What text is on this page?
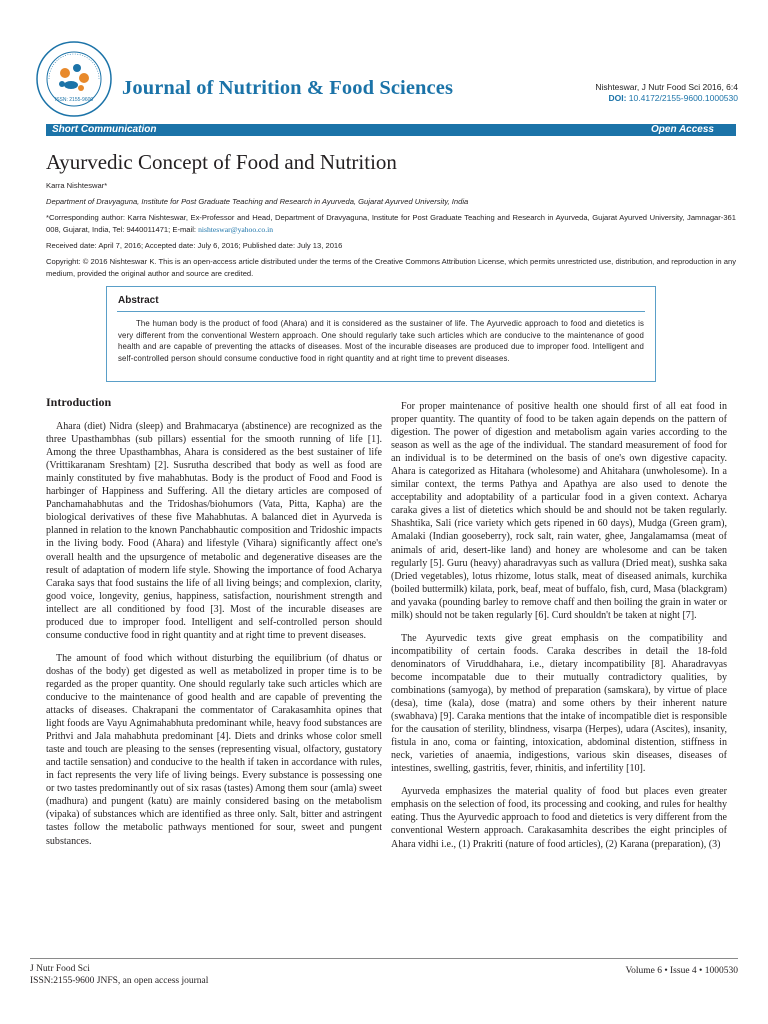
ISSN: 2155-9600
Journal of Nutrition & Food Sciences	Nishteswar, J Nutr Food Sci 2016, 6:4
DOI: 10.4172/2155-9600.1000530
Short Communication	Open Access
Ayurvedic Concept of Food and Nutrition

Karra Nishteswar*

Department of Dravyaguna, Institute for Post Graduate Teaching and Research in Ayurveda, Gujarat Ayurved University, India

*Corresponding author: Karra Nishteswar, Ex-Professor and Head, Department of Dravyaguna, Institute for Post Graduate Teaching and Research in Ayurveda, Gujarat Ayurved University, Jamnagar-361 008, Gujarat, India, Tel: 9440011471; E-mail: nishteswar@yahoo.co.in

Received date: April 7, 2016; Accepted date: July 6, 2016; Published date: July 13, 2016

Copyright: © 2016 Nishteswar K. This is an open-access article distributed under the terms of the Creative Commons Attribution License, which permits unrestricted use, distribution, and reproduction in any medium, provided the original author and source are credited.

Abstract

The human body is the product of food (Ahara) and it is considered as the sustainer of life. The Ayurvedic approach to food and dietetics is very different from the conventional Western approach. One should regularly take such articles which are conducive to the maintenance of good health and are capable of preventing the attacks of diseases. Most of the incurable diseases are produced due to improper food. Intelligent and self-controlled person should consume conductive food in right quantity and at right time to prevent diseases.

Introduction

Ahara (diet) Nidra (sleep) and Brahmacarya (abstinence) are recognized as the three Upasthambhas (sub pillars) essential for the smooth running of life [1]. Among the three Upasthambhas, Ahara is considered as the best sustainer of life (Vrittikaranam Sreshtam) [2]. Susrutha described that body as well as food are mainly constituted by five mahabhutas. Body is the product of Food and Food is harbinger of Happiness and Suffering. All the dietary articles are composed of Panchamahabhutas and the Tridoshas/biohumors (Vata, Pitta, Kapha) are the biological derivatives of these five Mahabhutas. A balanced diet in Ayurveda is planned in relation to the known Panchabhautic composition and Tridoshic impacts in the living body. Food (Ahara) and lifestyle (Vihara) significantly affect one's overall health and the upsurgence of metabolic and degenerative diseases are the result of adaptation of modern life style. Showing the importance of food Acharya Caraka says that food sustains the life of all living beings; and complexion, clarity, good voice, longevity, genius, happiness, satisfaction, nourishment strength and intellect are all conditioned by food [3]. Most of the incurable diseases are produced due to improper food. Intelligent and self-controlled person should consume conductive food in right quantity and at right time to prevent diseases.

The amount of food which without disturbing the equilibrium (of dhatus or doshas of the body) get digested as well as metabolized in proper time is to be regarded as the proper quantity. One should regularly take such articles which are conducive to the maintenance of good health and are capable of preventing the attacks of diseases. Chakrapani the commentator of Carakasamhita opines that light foods are Vayu Agnimahabhuta predominant while, heavy food substances are Prithvi and Jala mahabhuta predominant [4]. Diets and drinks whose color smell taste and touch are pleasing to the senses (representing visual, olfactory, gustatory and tactile sensation) and conducive to the health if taken in accordance with rules, in fact represents the very life of living beings. Every substance is possessing one or two tastes predominantly out of six rasas (tastes) Among them sour (amla) sweet (madhura) and pungent (katu) are mainly considered basing on the metabolism (vipaka) of substances which are identified as three only. Salt, bitter and astringent tastes follow the metabolic pathways mentioned for sour, sweet and pungent substances.

For proper maintenance of positive health one should first of all eat food in proper quantity. The quantity of food to be taken again depends on the pattern of digestion. The power of digestion and metabolism again varies according to the season as well as the age of the individual. The standard measurement of food for an individual is to be determined on the basis of one's own digestive capacity. Ahara is categorized as Hitahara (wholesome) and Ahitahara (unwholesome). In a similar context, the terms Pathya and Apathya are also used to denote the acceptability and adoptability of a particular food in a given context. Acharya caraka gives a list of dietetics which should be and should not be taken regularly. Shashtika, Sali (rice variety which gets ripened in 60 days), Mudga (Green gram), Amalaki (Indian gooseberry), rock salt, rain water, ghee, Jangalamamsa (meat of animals of arid, desert-like land) and honey are wholesome and can be taken regularly [5]. Guru (heavy) aharadravyas such as vallura (Dried meat), sushka saka (Dried vegetables), lotus rhizome, lotus stalk, meat of diseased animals, kurchika (boiled buttermilk) kilata, pork, beaf, meat of buffalo, fish, curd, Masa (blackgram) and yavaka (pounding barley to remove chaff and then boiling the grain in water or milk) should not be taken regularly [6]. Curd shouldn't be taken at night [7].

The Ayurvedic texts give great emphasis on the compatibility and incompatibility of certain foods. Caraka describes in detail the 18-fold denominators of Viruddhahara, i.e., dietary incompatibility [8]. Aharadravyas become incompatable due to their mutually contradictory qualities, by combinations (samyoga), by method of preparation (samskara), by virtue of place (desa), time (kala), dose (matra) and some others by their inherent nature (swabhava) [9]. Caraka mentions that the intake of incompatible diet is responsible for the causation of sterility, blindness, visarpa (Herpes), udara (Ascites), insanity, fistula in ano, coma or fainting, intoxication, abdominal distention, stiffness in neck, varieties of anaemia, indigestions, various skin diseases, diseases of intestines, swelling, gastritis, fever, rhinitis, and infertility [10].

Ayurveda emphasizes the material quality of food but places even greater emphasis on the selection of food, its processing and cooking, and rules for healthy eating. Thus the Ayurvedic approach to food and dietetics is very different from the conventional Western approach. Carakasamhita describes the eight principles of Ahara vidhi i.e., (1) Prakriti (nature of food articles), (2) Karana (preparation), (3)

J Nutr Food Sci
ISSN:2155-9600 JNFS, an open access journal
Volume 6 • Issue 4 • 1000530
